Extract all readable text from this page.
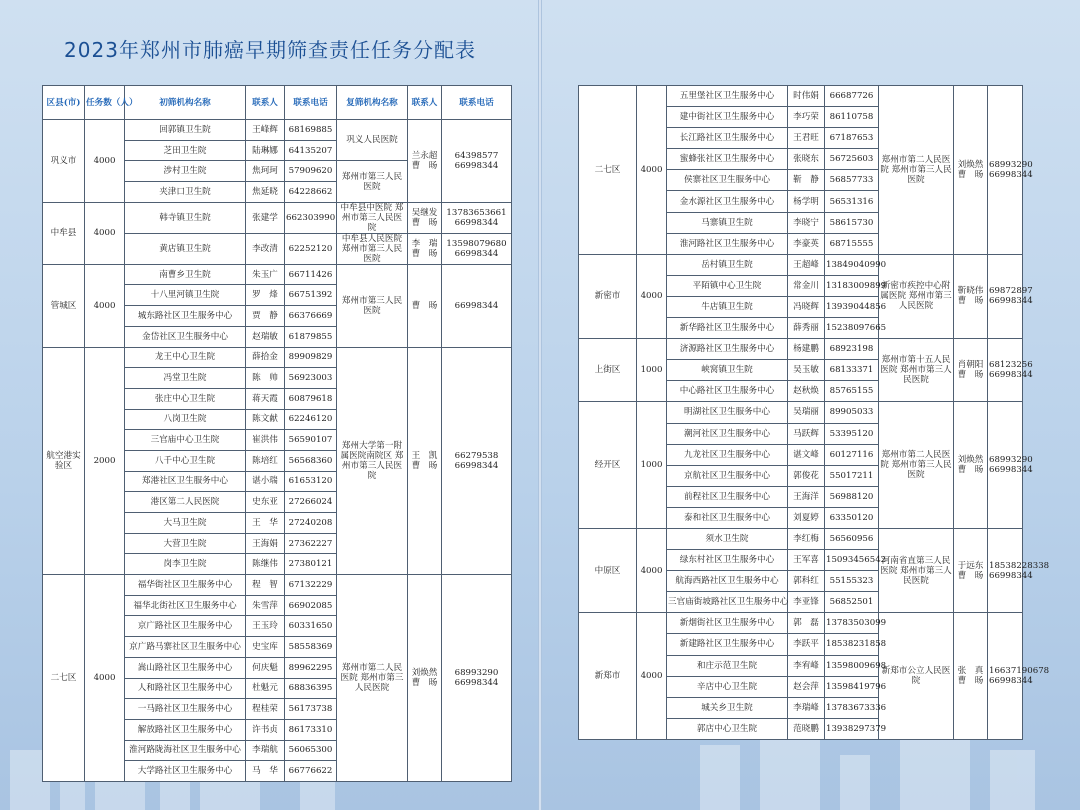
2023年郑州市肺癌早期筛查责任任务分配表
区县(市)	任务数（人）	初筛机构名称	联系人	联系电话	复筛机构名称	联系人	联系电话
巩义市	4000	回郭镇卫生院	王峰辉	68169885	巩义人民医院	兰永超 曹　旸	64398577 66998344
		芝田卫生院	陆琳娜	64135207			
		涉村卫生院	焦珂珂	57909620	郑州市第三人民医院		
		夹津口卫生院	焦延晓	64228662			
中牟县	4000	韩寺镇卫生院	张建学	662303990	中牟县中医院 郑州市第三人民医院	吴继发 曹　旸	13783653661 66998344
		黄店镇卫生院	李改清	62252120	中牟县人民医院 郑州市第三人民医院	李　瑞 曹　旸	13598079680 66998344
管城区	4000	南曹乡卫生院	朱玉广	66711426	郑州市第三人民医院	曹　旸	66998344
		十八里河镇卫生院	罗　烽	66751392			
		城东路社区卫生服务中心	贾　静	66376669			
		金岱社区卫生服务中心	赵瑞敏	61879855			
航空港实验区	2000	龙王中心卫生院	薛拾金	89909829	郑州大学第一附属医院南院区 郑州市第三人民医院	王　凯 曹　旸	66279538 66998344
		冯堂卫生院	陈　帅	56923003			
		张庄中心卫生院	蒋天霞	60879618			
		八岗卫生院	陈文献	62246120			
		三官庙中心卫生院	崔洪伟	56590107			
		八千中心卫生院	陈培红	56568360			
		郑港社区卫生服务中心	谌小瑞	61653120			
		港区第二人民医院	史东亚	27266024			
		大马卫生院	王　华	27240208			
		大营卫生院	王海娟	27362227			
		岗李卫生院	陈继伟	27380121			
二七区	4000	福华街社区卫生服务中心	程　智	67132229	郑州市第二人民医院 郑州市第三人民医院	刘焕然 曹　旸	68993290 66998344
		福华北街社区卫生服务中心	朱雪萍	66902085			
		京广路社区卫生服务中心	王玉玲	60331650			
		京广路马寨社区卫生服务中心	史宝库	58558369			
		嵩山路社区卫生服务中心	何庆魁	89962295			
		人和路社区卫生服务中心	杜魁元	68836395			
		一马路社区卫生服务中心	程桂荣	56173738			
		解放路社区卫生服务中心	许书贞	86173310			
		淮河路陇海社区卫生服务中心	李瑞航	56065300			
		大学路社区卫生服务中心	马　华	66776622			
二七区	4000	五里堡社区卫生服务中心	时伟娟	66687726	郑州市第二人民医院 郑州市第三人民医院	刘焕然 曹　旸	68993290 66998344
		建中街社区卫生服务中心	李巧荣	86110758			
		长江路社区卫生服务中心	王君旺	67187653			
		蜜蜂张社区卫生服务中心	张晓东	56725603			
		侯寨社区卫生服务中心	靳　静	56857733			
		金水源社区卫生服务中心	杨学明	56531316			
		马寨镇卫生院	李晓宁	58615730			
		淮河路社区卫生服务中心	李豪英	68715555			
新密市	4000	岳村镇卫生院	王超峰	13849040990	新密市疾控中心附属医院 郑州市第三人民医院	靳晓伟 曹　旸	69872897 66998344
		平陌镇中心卫生院	常金川	13183009899			
		牛店镇卫生院	冯晓辉	13939044856			
		新华路社区卫生服务中心	薛秀丽	15238097665			
上街区	1000	济源路社区卫生服务中心	杨建鹏	68923198	郑州市第十五人民医院 郑州市第三人民医院	肖朝阳 曹　旸	68123256 66998344
		峡窝镇卫生院	吴玉敏	68133371			
		中心路社区卫生服务中心	赵秋焕	85765155			
经开区	1000	明湖社区卫生服务中心	吴瑞丽	89905033	郑州市第二人民医院 郑州市第三人民医院	刘焕然 曹　旸	68993290 66998344
		潮河社区卫生服务中心	马跃辉	53395120			
		九龙社区卫生服务中心	谌文峰	60127116			
		京航社区卫生服务中心	郭俊花	55017211			
		前程社区卫生服务中心	王海洋	56988120			
		泰和社区卫生服务中心	刘夏婷	63350120			
中原区	4000	须水卫生院	李红梅	56560956	河南省直第三人民医院 郑州市第三人民医院	于远东 曹　旸	18538228338 66998344
		绿东村社区卫生服务中心	王军喜	15093456542			
		航海西路社区卫生服务中心	郭科红	55155323			
		三官庙街坡路社区卫生服务中心	李亚锋	56852501			
新郑市	4000	新烟街社区卫生服务中心	郭　磊	13783503099	新郑市公立人民医院	张　真 曹　旸	16637190678 66998344
		新建路社区卫生服务中心	李跃平	18538231858			
		和庄示范卫生院	李宥峰	13598009698			
		辛店中心卫生院	赵会萍	13598419796			
		城关乡卫生院	李瑞峰	13783673336			
		郭店中心卫生院	范晓鹏	13938297379			
